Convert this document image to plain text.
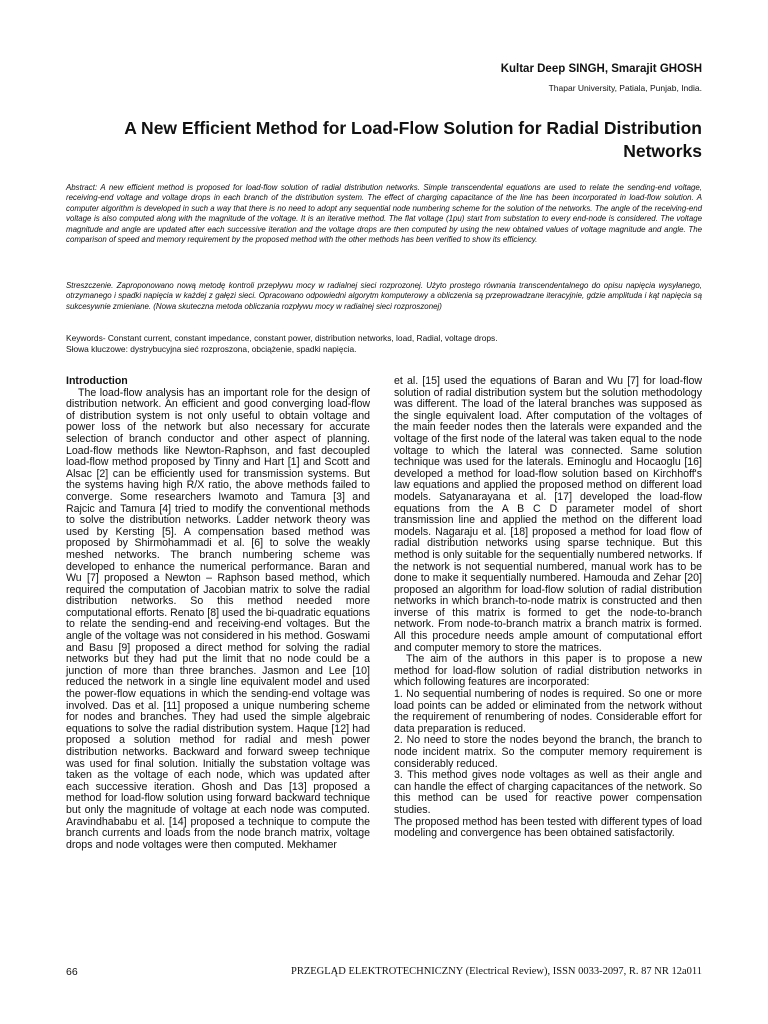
Kultar Deep SINGH, Smarajit GHOSH
Thapar University, Patiala, Punjab, India.
A New Efficient Method for Load-Flow Solution for Radial Distribution Networks
Abstract: A new efficient method is proposed for load-flow solution of radial distribution networks. Simple transcendental equations are used to relate the sending-end voltage, receiving-end voltage and voltage drops in each branch of the distribution system. The effect of charging capacitance of the line has been incorporated in load-flow solution. A computer algorithm is developed in such a way that there is no need to adopt any sequential node numbering scheme for the solution of the networks. The angle of the receiving-end voltage is also computed along with the magnitude of the voltage. It is an iterative method. The flat voltage (1pu) start from substation to every end-node is considered. The voltage magnitude and angle are updated after each successive iteration and the voltage drops are then computed by using the new obtained values of voltage magnitude and angle. The comparison of speed and memory requirement by the proposed method with the other methods has been verified to show its efficiency.
Streszczenie. Zaproponowano nową metodę kontroli przepływu mocy w radialnej sieci rozprozonej. Użyto prostego równania transcendentalnego do opisu napięcia wysyłanego, otrzymanego i spadki napięcia w każdej z gałęzi sieci. Opracowano odpowiedni algorytm komputerowy a obliczenia są przeprowadzane iteracyjnie, gdzie amplituda i kąt napięcia są sukcesywnie zmieniane. (Nowa skuteczna metoda obliczania rozpływu mocy w radialnej sieci rozproszonej)
Keywords- Constant current, constant impedance, constant power, distribution networks, load, Radial, voltage drops.
Słowa kluczowe: dystrybucyjna sieć rozproszona, obciążenie, spadki napięcia.

Introduction

The load-flow analysis has an important role for the design of distribution network. An efficient and good converging load-flow of distribution system is not only useful to obtain voltage and power loss of the network but also necessary for accurate selection of branch conductor and other aspect of planning. Load-flow methods like Newton-Raphson, and fast decoupled load-flow method proposed by Tinny and Hart [1] and Scott and Alsac [2] can be efficiently used for transmission systems. But the systems having high R/X ratio, the above methods failed to converge. Some researchers Iwamoto and Tamura [3] and Rajcic and Tamura [4] tried to modify the conventional methods to solve the distribution networks. Ladder network theory was used by Kersting [5]. A compensation based method was proposed by Shirmohammadi et al. [6] to solve the weakly meshed networks. The branch numbering scheme was developed to enhance the numerical performance. Baran and Wu [7] proposed a Newton – Raphson based method, which required the computation of Jacobian matrix to solve the radial distribution networks. So this method needed more computational efforts. Renato [8] used the bi-quadratic equations to relate the sending-end and receiving-end voltages. But the angle of the voltage was not considered in his method. Goswami and Basu [9] proposed a direct method for solving the radial networks but they had put the limit that no node could be a junction of more than three branches. Jasmon and Lee [10] reduced the network in a single line equivalent model and used the power-flow equations in which the sending-end voltage was involved. Das et al. [11] proposed a unique numbering scheme for nodes and branches. They had used the simple algebraic equations to solve the radial distribution system. Haque [12] had proposed a solution method for radial and mesh power distribution networks. Backward and forward sweep technique was used for final solution. Initially the substation voltage was taken as the voltage of each node, which was updated after each successive iteration. Ghosh and Das [13] proposed a method for load-flow solution using forward backward technique but only the magnitude of voltage at each node was computed. Aravindhababu et al. [14] proposed a technique to compute the branch currents and loads from the node branch matrix, voltage drops and node voltages were then computed. Mekhamer

et al. [15] used the equations of Baran and Wu [7] for load-flow solution of radial distribution system but the solution methodology was different. The load of the lateral branches was supposed as the single equivalent load. After computation of the voltages of the main feeder nodes then the laterals were expanded and the voltage of the first node of the lateral was taken equal to the node voltage to which the lateral was connected. Same solution technique was used for the laterals. Eminoglu and Hocaoglu [16] developed a method for load-flow solution based on Kirchhoff's law equations and applied the proposed method on different load models. Satyanarayana et al. [17] developed the load-flow equations from the A B C D parameter model of short transmission line and applied the method on the different load models. Nagaraju et al. [18] proposed a method for load flow of radial distribution networks using sparse technique. But this method is only suitable for the sequentially numbered networks. If the network is not sequential numbered, manual work has to be done to make it sequentially numbered. Hamouda and Zehar [20] proposed an algorithm for load-flow solution of radial distribution networks in which branch-to-node matrix is constructed and then inverse of this matrix is formed to get the node-to-branch network. From node-to-branch matrix a branch matrix is formed. All this procedure needs ample amount of computational effort and computer memory to store the matrices.

The aim of the authors in this paper is to propose a new method for load-flow solution of radial distribution networks in which following features are incorporated:

1. No sequential numbering of nodes is required. So one or more load points can be added or eliminated from the network without the requirement of renumbering of nodes. Considerable effort for data preparation is reduced.

2. No need to store the nodes beyond the branch, the branch to node incident matrix. So the computer memory requirement is considerably reduced.

3. This method gives node voltages as well as their angle and can handle the effect of charging capacitances of the network. So this method can be used for reactive power compensation studies.

The proposed method has been tested with different types of load modeling and convergence has been obtained satisfactorily.

66	PRZEGLĄD ELEKTROTECHNICZNY (Electrical Review), ISSN 0033-2097, R. 87 NR 12a011
